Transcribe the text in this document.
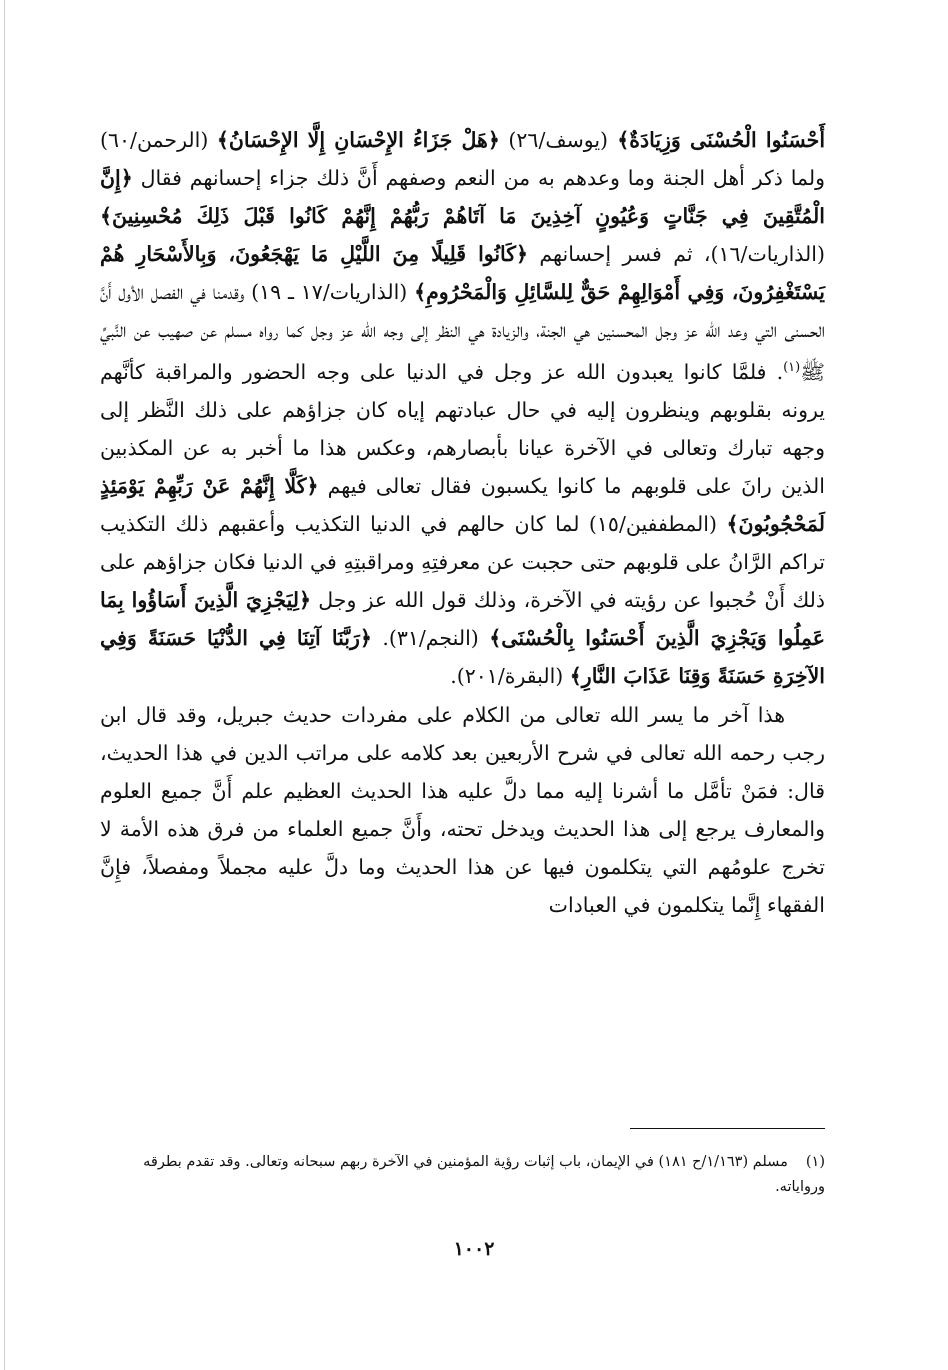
أَحْسَنُوا الْحُسْنَى وَزِيَادَةٌ﴾ (يوسف/٢٦) ﴿هَلْ جَزَاءُ الإِحْسَانِ إِلَّا الإِحْسَانُ﴾ (الرحمن/٦٠) ولما ذكر أهل الجنة وما وعدهم به من النعم وصفهم أَنَّ ذلك جزاء إحسانهم فقال ﴿إِنَّ الْمُتَّقِينَ فِي جَنَّاتٍ وَعُيُونٍ آخِذِينَ مَا آتَاهُمْ رَبُّهُمْ إِنَّهُمْ كَانُوا قَبْلَ ذَلِكَ مُحْسِنِينَ﴾ (الذاريات/١٦)، ثم فسر إحسانهم ﴿كَانُوا قَلِيلًا مِنَ اللَّيْلِ مَا يَهْجَعُونَ، وَبِالأَسْحَارِ هُمْ يَسْتَغْفِرُونَ، وَفِي أَمْوَالِهِمْ حَقٌّ لِلسَّائِلِ وَالْمَحْرُومِ﴾ (الذاريات/١٧ ـ ١٩) وقدمنا في الفصل الأول أَنَّ الحسنى التي وعد الله عز وجل المحسنين هي الجنة، والزيادة هي النظر إلى وجه الله عز وجل كما رواه مسلم عن صهيب عن النَّبيِّ ﷺ$^{(١)}$. فلمَّا كانوا يعبدون الله عز وجل في الدنيا على وجه الحضور والمراقبة كأنَّهم يرونه بقلوبهم وينظرون إليه في حال عبادتهم إياه كان جزاؤهم على ذلك النَّظر إلى وجهه تبارك وتعالى في الآخرة عيانا بأبصارهم، وعكس هذا ما أخبر به عن المكذبين الذين رانَ على قلوبهم ما كانوا يكسبون فقال تعالى فيهم ﴿كَلَّا إِنَّهُمْ عَنْ رَبِّهِمْ يَوْمَئِذٍ لَمَحْجُوبُونَ﴾ (المطففين/١٥) لما كان حالهم في الدنيا التكذيب وأعقبهم ذلك التكذيب تراكم الرَّانُ على قلوبهم حتى حجبت عن معرفتِهِ ومراقبتِهِ في الدنيا فكان جزاؤهم على ذلك أَنْ حُجبوا عن رؤيته في الآخرة، وذلك قول الله عز وجل ﴿لِيَجْزِيَ الَّذِينَ أَسَاؤُوا بِمَا عَمِلُوا وَيَجْزِيَ الَّذِينَ أَحْسَنُوا بِالْحُسْنَى﴾ (النجم/٣١). ﴿رَبَّنَا آتِنَا فِي الدُّنْيَا حَسَنَةً وَفِي الآخِرَةِ حَسَنَةً وَقِنَا عَذَابَ النَّارِ﴾ (البقرة/٢٠١).

هذا آخر ما يسر الله تعالى من الكلام على مفردات حديث جبريل، وقد قال ابن رجب رحمه الله تعالى في شرح الأربعين بعد كلامه على مراتب الدين في هذا الحديث، قال: فمَنْ تأمَّل ما أشرنا إليه مما دلَّ عليه هذا الحديث العظيم علم أَنَّ جميع العلوم والمعارف يرجع إلى هذا الحديث ويدخل تحته، وأَنَّ جميع العلماء من فرق هذه الأمة لا تخرج علومُهم التي يتكلمون فيها عن هذا الحديث وما دلَّ عليه مجملاً ومفصلاً، فإِنَّ الفقهاء إِنَّما يتكلمون في العبادات

(١)مسلم (١/١٦٣/ح ١٨١) في الإيمان، باب إثبات رؤية المؤمنين في الآخرة ربهم سبحانه وتعالى. وقد تقدم بطرقه ورواياته.
١٠٠٢
